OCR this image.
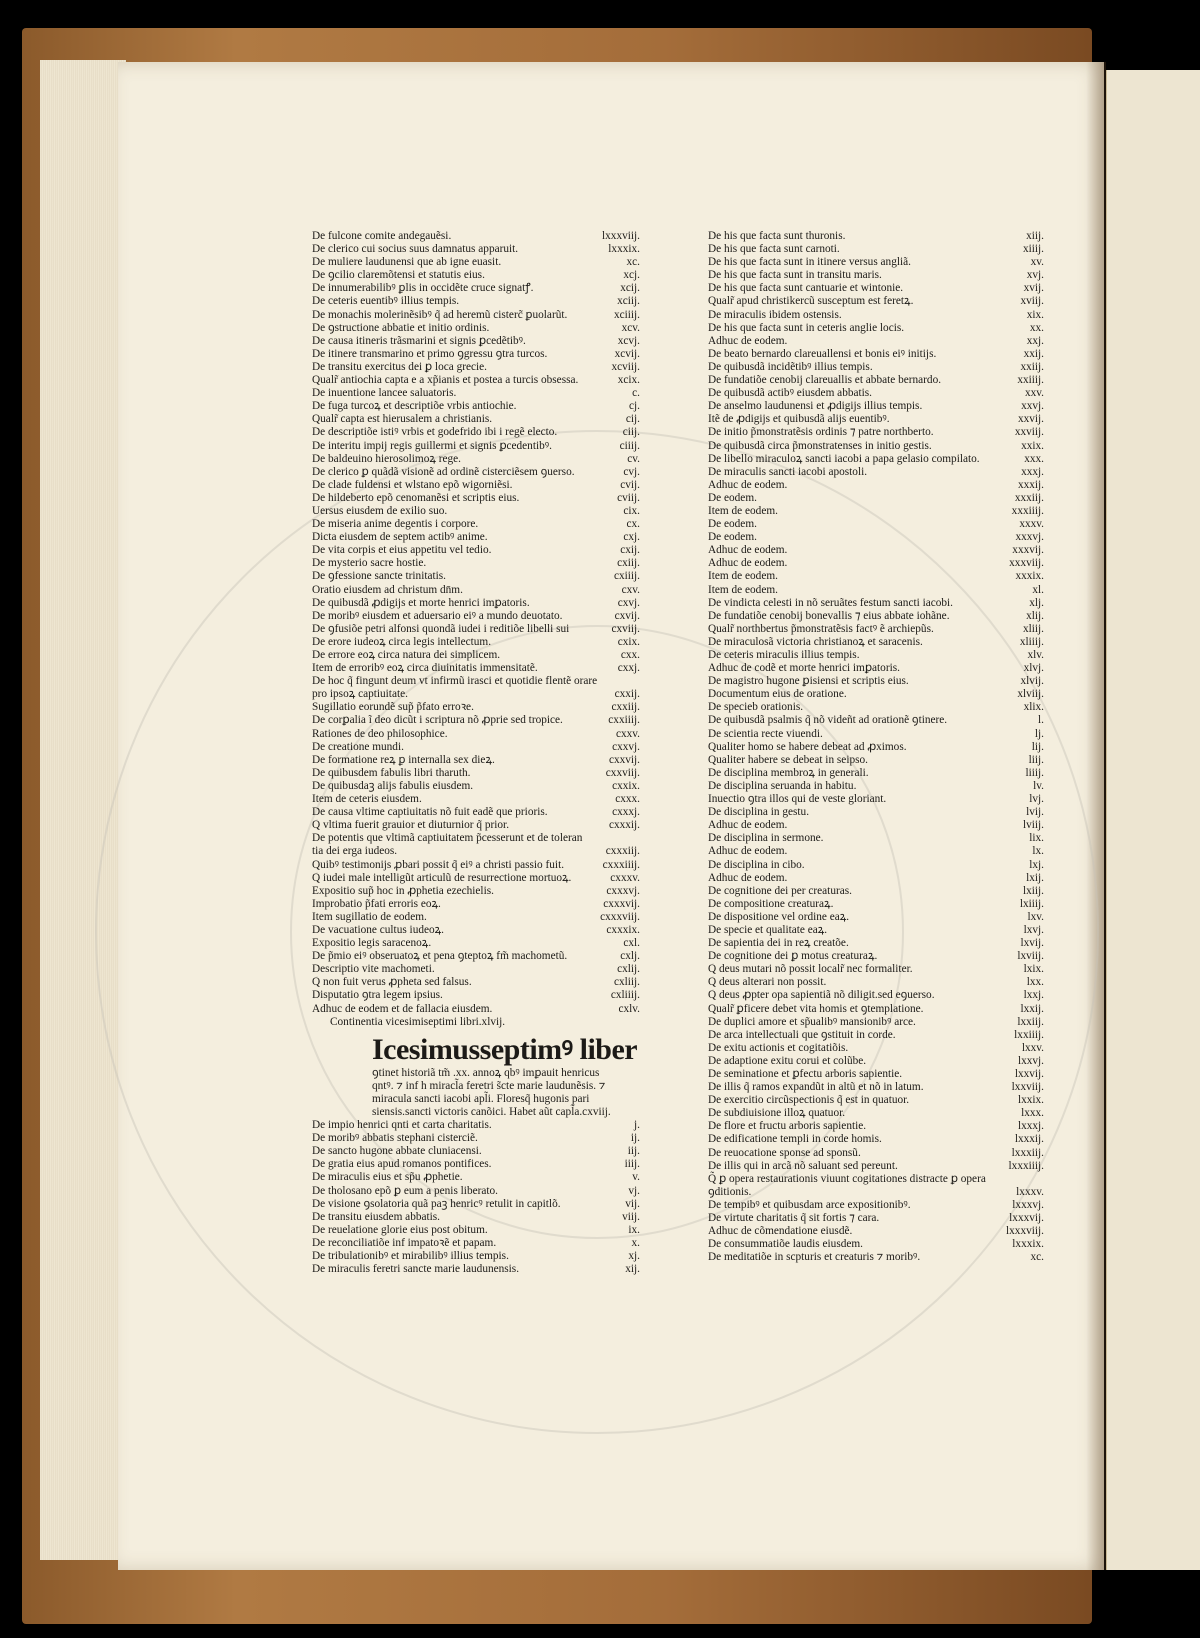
De fulcone comite andegauẽsi.	lxxxviij.
De clerico cui socius suus damnatus apparuit.	lxxxix.
De muliere laudunensi que ab igne euasit.	xc.
De ꝯcilio claremõtensi et statutis eius.	xcj.
De innumerabilibꝰ ꝑlis in occidẽte cruce signatꝭ.	xcij.
De ceteris euentibꝰ illius tempis.	xciij.
De monachis molerinẽsibꝰ q̃ ad heremũ cisterc̃ ꝑuolarũt.	xciiij.
De ꝯstructione abbatie et initio ordinis.	xcv.
De causa itineris trãsmarini et signis ꝑcedẽtibꝰ.	xcvj.
De itinere transmarino et primo ꝯgressu ꝯtra turcos.	xcvij.
De transitu exercitus dei ꝑ loca grecie.	xcviij.
Qualr̃ antiochia capta e a xp̃ianis et postea a turcis obsessa.	xcix.
De inuentione lancee saluatoris.	c.
De fuga turcoꝝ et descriptiõe vrbis antiochie.	cj.
Qualr̃ capta est hierusalem a christianis.	cij.
De descriptiõe istiꝰ vrbis et godefrido ibi i regẽ electo.	ciij.
De interitu impij regis guillermi et signis ꝑcedentibꝰ.	ciiij.
De baldeuino hierosolimoꝝ rege.	cv.
De clerico ꝑ quãdã visionẽ ad ordinẽ cisterciẽsem ꝯuerso.	cvj.
De clade fuldensi et wlstano epõ wigorniẽsi.	cvij.
De hildeberto epõ cenomanẽsi et scriptis eius.	cviij.
Uersus eiusdem de exilio suo.	cix.
De miseria anime degentis i corpore.	cx.
Dicta eiusdem de septem actibꝰ anime.	cxj.
De vita corpis et eius appetitu vel tedio.	cxij.
De mysterio sacre hostie.	cxiij.
De ꝯfessione sancte trinitatis.	cxiiij.
Oratio eiusdem ad christum dn̄m.	cxv.
De quibusdã ꝓdigijs et morte henrici imꝑatoris.	cxvj.
De moribꝰ eiusdem et aduersario eiꝰ a mundo deuotato.	cxvij.
De ꝯfusiõe petri alfonsi quondã iudei i reditiõe libelli sui	cxviij.
De erore iudeoꝝ circa legis intellectum.	cxix.
De errore eoꝝ circa natura dei simplicem.	cxx.
Item de erroribꝰ eoꝝ circa diuinitatis immensitatẽ.	cxxj.
De hoc q̃ fingunt deum vt infirmũ irasci et quotidie flentẽ orare
pro ipsoꝝ captiuitate.	cxxij.
Sugillatio eorundẽ sup̃ p̃fato erroꝛe.	cxxiij.
De corꝑalia ĩ deo dicũt i scriptura nõ ꝓprie sed tropice.	cxxiiij.
Rationes de deo philosophice.	cxxv.
De creatione mundi.	cxxvj.
De formatione reꝝ ꝑ internalla sex dieꝝ.	cxxvij.
De quibusdem fabulis libri tharuth.	cxxviij.
De quibusdaꝫ alijs fabulis eiusdem.	cxxix.
Item de ceteris eiusdem.	cxxx.
De causa vltime captiuitatis nõ fuit eadẽ que prioris.	cxxxj.
Q̃ vltima fuerit grauior et diuturnior q̃ prior.	cxxxij.
De potentis que vltimã captiuitatem p̃cesserunt et de toleran
tia dei erga iudeos.	cxxxiij.
Quibꝰ testimonijs ꝓbari possit q̃ eiꝰ a christi passio fuit.	cxxxiiij.
Q̃ iudei male intelligũt articulũ de resurrectione mortuoꝝ.	cxxxv.
Expositio sup̃ hoc in ꝓphetia ezechielis.	cxxxvj.
Improbatio p̃fati erroris eoꝝ.	cxxxvij.
Item sugillatio de eodem.	cxxxviij.
De vacuatione cultus iudeoꝝ.	cxxxix.
Expositio legis saracenoꝝ.	cxl.
De p̃mio eiꝰ obseruatoꝝ et pena ꝯteptoꝝ fm̃ machometũ.	cxlj.
Descriptio vite machometi.	cxlij.
Q̃ non fuit verus ꝓpheta sed falsus.	cxliij.
Disputatio ꝯtra legem ipsius.	cxliiij.
Adhuc de eodem et de fallacia eiusdem.	cxlv.
Continentia vicesimiseptimi libri.xlvij.
Icesimusseptimꝰ liber
ꝯtinet historiã tm̃ .xx. annoꝝ qbꝰ imꝑauit henricus
qntꝰ. ⁊ inf h miracl̃a feretri s̃cte marie laudunẽsis. ⁊
miracula sancti iacobi apl̃i. Floresq̃ hugonis pari
siensis.sancti victoris canõici. Habet aũt capl̃a.cxviij.
De impio henrici qnti et carta charitatis.	j.
De moribꝰ abbatis stephani cisterciẽ.	ij.
De sancto hugone abbate cluniacensi.	iij.
De gratia eius apud romanos pontifices.	iiij.
De miraculis eius et sp̃u ꝓphetie.	v.
De tholosano epõ ꝑ eum a penis liberato.	vj.
De visione ꝯsolatoria quã paꝫ henricꝰ retulit in capitlõ.	vij.
De transitu eiusdem abbatis.	viij.
De reuelatione glorie eius post obitum.	ix.
De reconciliatiõe inf impatoꝛẽ et papam.	x.
De tribulationibꝰ et mirabilibꝰ illius tempis.	xj.
De miraculis feretri sancte marie laudunensis.	xij.
De his que facta sunt thuronis.	xiij.
De his que facta sunt carnoti.	xiiij.
De his que facta sunt in itinere versus angliã.	xv.
De his que facta sunt in transitu maris.	xvj.
De his que facta sunt cantuarie et wintonie.	xvij.
Qualr̃ apud christikercũ susceptum est feretꝝ.	xviij.
De miraculis ibidem ostensis.	xix.
De his que facta sunt in ceteris anglie locis.	xx.
Adhuc de eodem.	xxj.
De beato bernardo clareuallensi et bonis eiꝰ initijs.	xxij.
De quibusdã incidẽtibꝰ illius tempis.	xxiij.
De fundatiõe cenobij clareuallis et abbate bernardo.	xxiiij.
De quibusdã actibꝰ eiusdem abbatis.	xxv.
De anselmo laudunensi et ꝓdigijs illius tempis.	xxvj.
Itẽ de ꝓdigijs et quibusdã alijs euentibꝰ.	xxvij.
De initio p̃monstratẽsis ordinis ⁊ patre northberto.	xxviij.
De quibusdã circa p̃monstratenses in initio gestis.	xxix.
De libello miraculoꝝ sancti iacobi a papa gelasio compilato.	xxx.
De miraculis sancti iacobi apostoli.	xxxj.
Adhuc de eodem.	xxxij.
De eodem.	xxxiij.
Item de eodem.	xxxiiij.
De eodem.	xxxv.
De eodem.	xxxvj.
Adhuc de eodem.	xxxvij.
Adhuc de eodem.	xxxviij.
Item de eodem.	xxxix.
Item de eodem.	xl.
De vindicta celesti in nõ seruãtes festum sancti iacobi.	xlj.
De fundatiõe cenobij bonevallis ⁊ eius abbate iohãne.	xlij.
Qualr̃ northbertus p̃monstratẽsis factꝰ ẽ archiepũs.	xliij.
De miraculosã victoria christianoꝝ et saracenis.	xliiij.
De ceteris miraculis illius tempis.	xlv.
Adhuc de codẽ et morte henrici imꝑatoris.	xlvj.
De magistro hugone ꝑisiensi et scriptis eius.	xlvij.
Documentum eius de oratione.	xlviij.
De specieb orationis.	xlix.
De quibusdã psalmis q̃ nõ videñt ad orationẽ ꝯtinere.	l.
De scientia recte viuendi.	lj.
Qualiter homo se habere debeat ad ꝓximos.	lij.
Qualiter habere se debeat in seipso.	liij.
De disciplina membroꝝ in generali.	liiij.
De disciplina seruanda in habitu.	lv.
Inuectio ꝯtra illos qui de veste gloriant.	lvj.
De disciplina in gestu.	lvij.
Adhuc de eodem.	lviij.
De disciplina in sermone.	lix.
Adhuc de eodem.	lx.
De disciplina in cibo.	lxj.
Adhuc de eodem.	lxij.
De cognitione dei per creaturas.	lxiij.
De compositione creaturaꝝ.	lxiiij.
De dispositione vel ordine eaꝝ.	lxv.
De specie et qualitate eaꝝ.	lxvj.
De sapientia dei in reꝝ creatõe.	lxvij.
De cognitione dei ꝑ motus creaturaꝝ.	lxviij.
Q̃ deus mutari nõ possit localr̃ nec formaliter.	lxix.
Q̃ deus alterari non possit.	lxx.
Q̃ deus ꝓpter opa sapientiã nõ diligit.sed eꝯuerso.	lxxj.
Qualr̃ ꝑficere debet vita homis et ꝯtemplatione.	lxxij.
De duplici amore et sp̃ualibꝰ mansionibꝰ arce.	lxxiij.
De arca intellectuali que ꝯstituit in corde.	lxxiiij.
De exitu actionis et cogitatiõis.	lxxv.
De adaptione exitu corui et colũbe.	lxxvj.
De seminatione et ꝑfectu arboris sapientie.	lxxvij.
De illis q̃ ramos expandũt in altũ et nõ in latum.	lxxviij.
De exercitio circũspectionis q̃ est in quatuor.	lxxix.
De subdiuisione illoꝝ quatuor.	lxxx.
De flore et fructu arboris sapientie.	lxxxj.
De edificatione templi in corde homis.	lxxxij.
De reuocatione sponse ad sponsũ.	lxxxiij.
De illis qui in arcã nõ saluant sed pereunt.	lxxxiiij.
Q̃ ꝑ opera restaurationis viuunt cogitationes distracte ꝑ opera
ꝯditionis.	lxxxv.
De tempibꝰ et quibusdam arce expositionibꝰ.	lxxxvj.
De virtute charitatis q̃ sit fortis ⁊ cara.	lxxxvij.
Adhuc de cõmendatione eiusdẽ.	lxxxviij.
De consummatiõe laudis eiusdem.	lxxxix.
De meditatiõe in scpturis et creaturis ⁊ moribꝰ.	xc.
